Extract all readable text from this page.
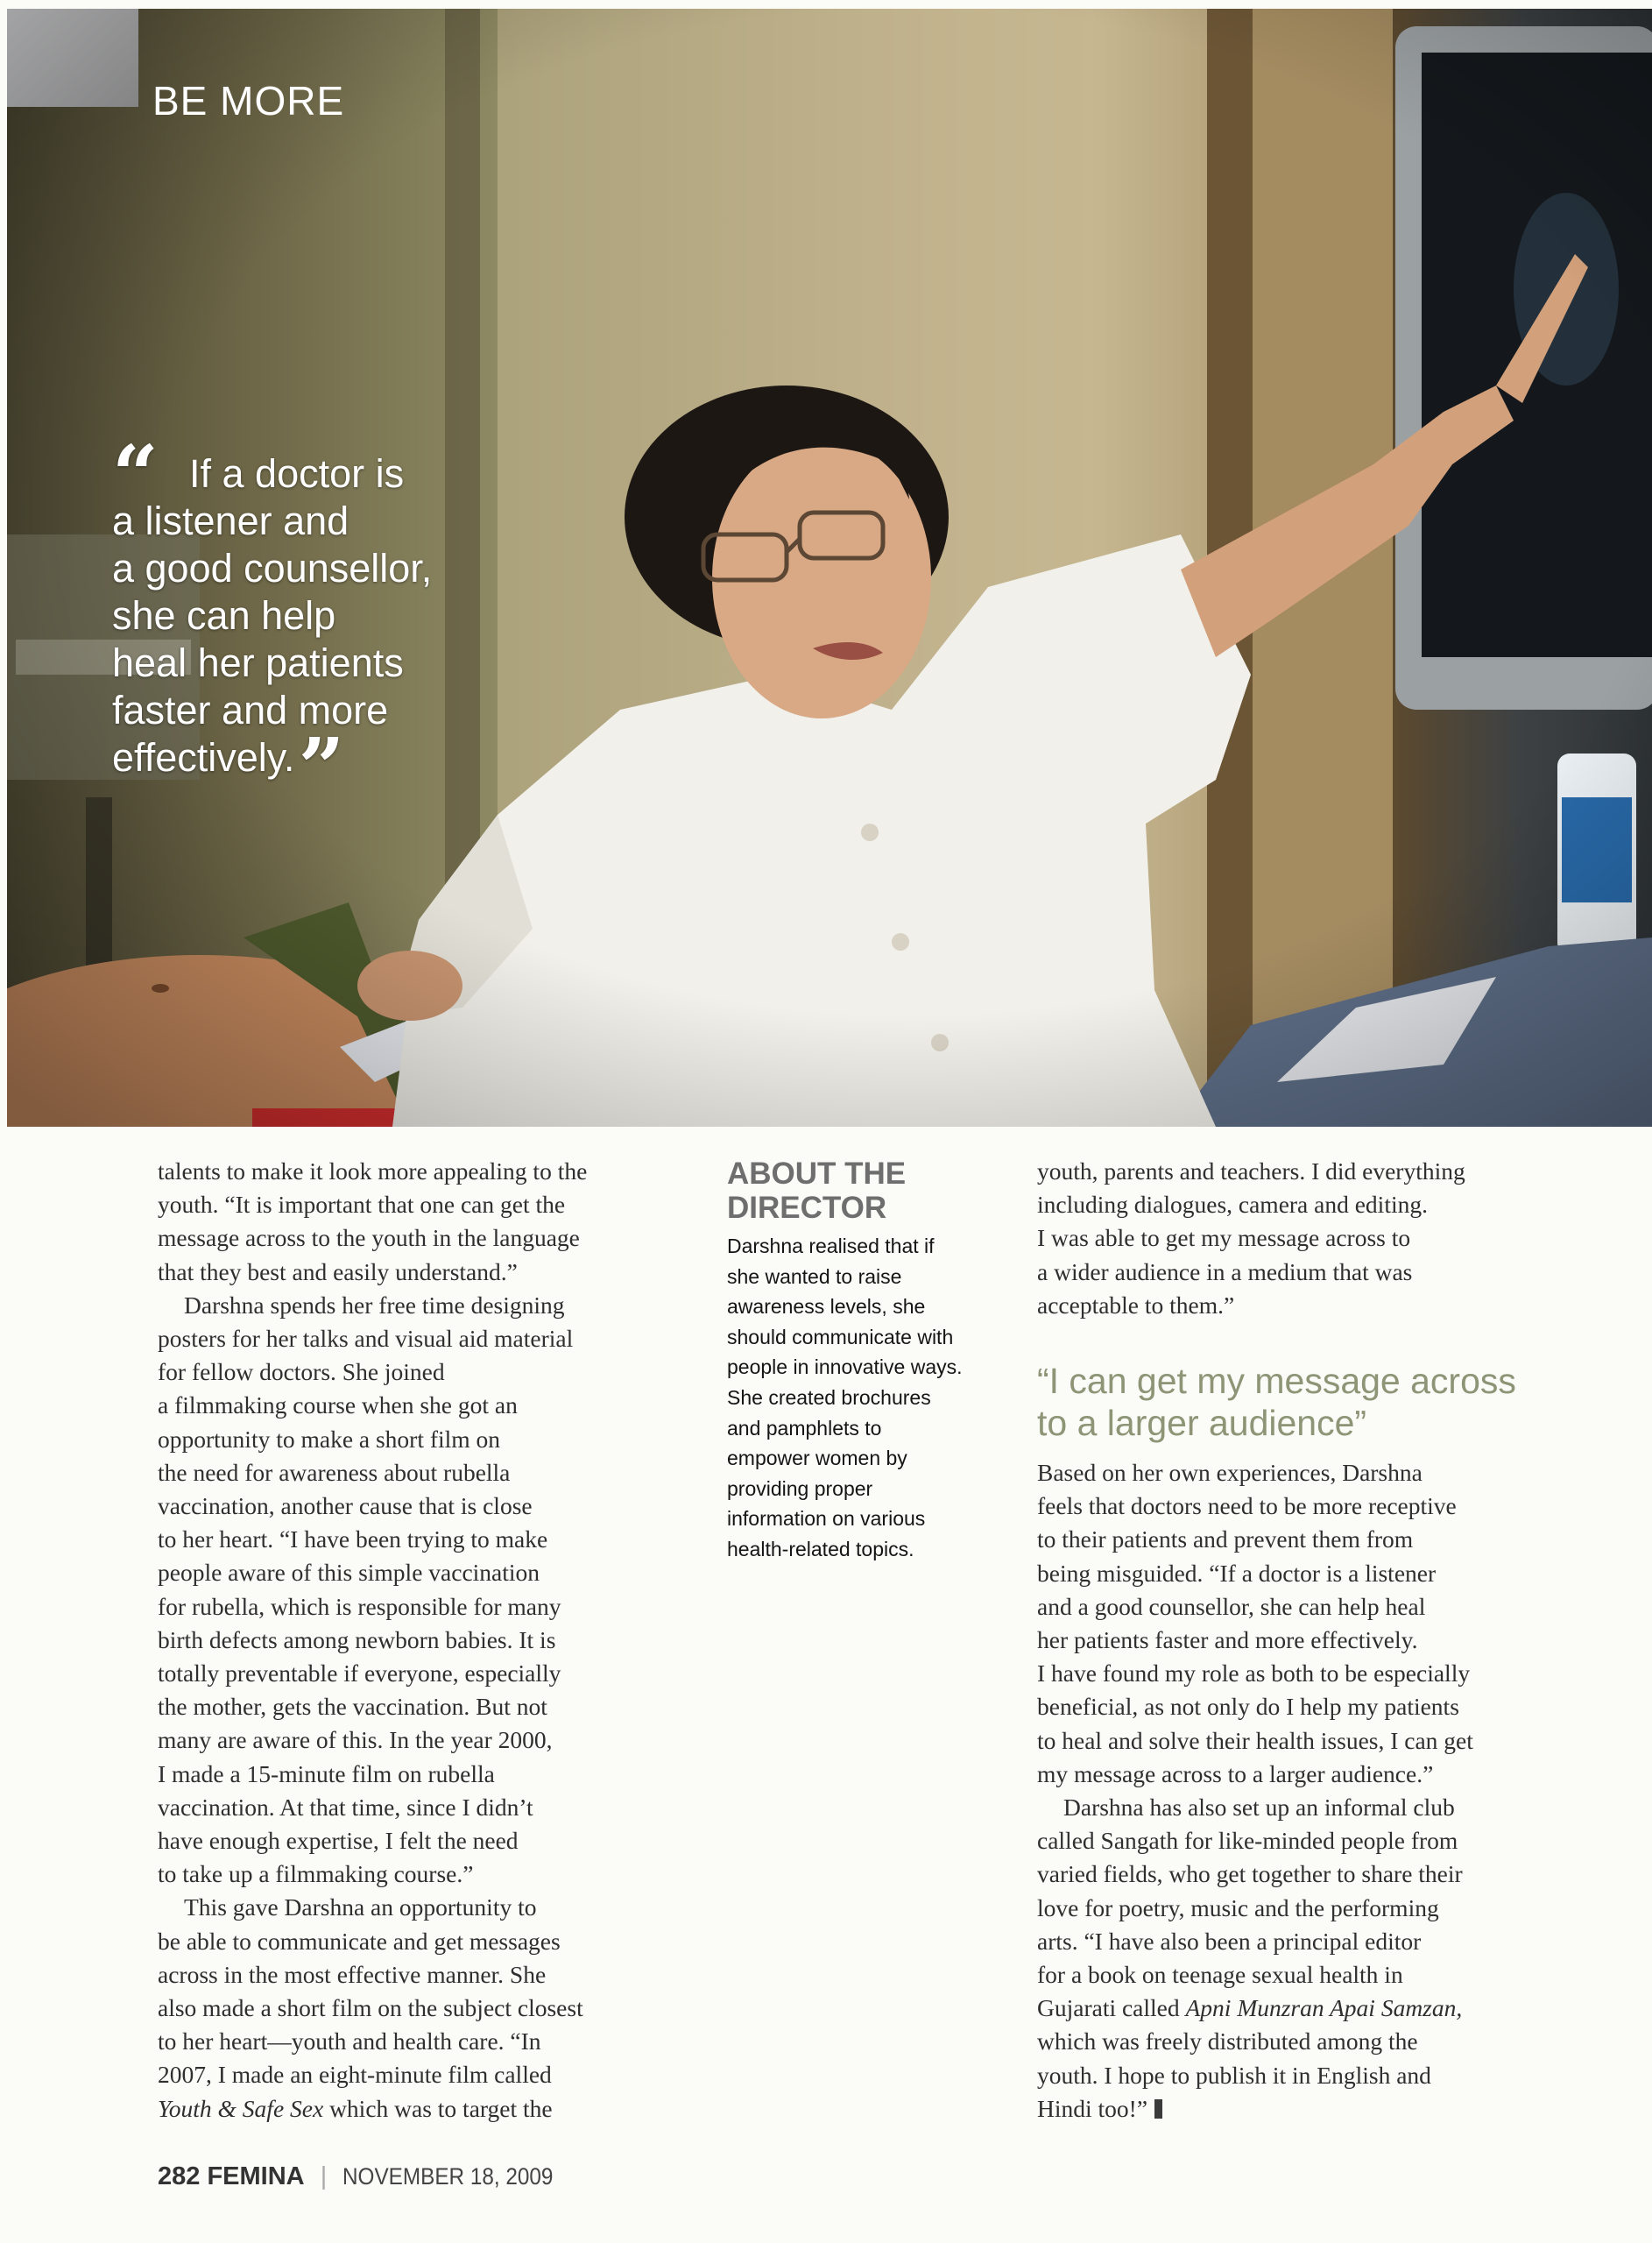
BE MORE
“ If a doctor is
a listener and
a good counsellor,
she can help
heal her patients
faster and more
effectively.”
talents to make it look more appealing to the
youth. “It is important that one can get the
message across to the youth in the language
that they best and easily understand.”
Darshna spends her free time designing
posters for her talks and visual aid material
for fellow doctors. She joined
a filmmaking course when she got an
opportunity to make a short film on
the need for awareness about rubella
vaccination, another cause that is close
to her heart. “I have been trying to make
people aware of this simple vaccination
for rubella, which is responsible for many
birth defects among newborn babies. It is
totally preventable if everyone, especially
the mother, gets the vaccination. But not
many are aware of this. In the year 2000,
I made a 15-minute film on rubella
vaccination. At that time, since I didn’t
have enough expertise, I felt the need
to take up a filmmaking course.”
This gave Darshna an opportunity to
be able to communicate and get messages
across in the most effective manner. She
also made a short film on the subject closest
to her heart—youth and health care. “In
2007, I made an eight-minute film called
Youth & Safe Sex which was to target the
ABOUT THE
DIRECTOR
Darshna realised that if
she wanted to raise
awareness levels, she
should communicate with
people in innovative ways.
She created brochures
and pamphlets to
empower women by
providing proper
information on various
health-related topics.
youth, parents and teachers. I did everything
including dialogues, camera and editing.
I was able to get my message across to
a wider audience in a medium that was
acceptable to them.”
“I can get my message across
to a larger audience”
Based on her own experiences, Darshna
feels that doctors need to be more receptive
to their patients and prevent them from
being misguided. “If a doctor is a listener
and a good counsellor, she can help heal
her patients faster and more effectively.
I have found my role as both to be especially
beneficial, as not only do I help my patients
to heal and solve their health issues, I can get
my message across to a larger audience.”
Darshna has also set up an informal club
called Sangath for like-minded people from
varied fields, who get together to share their
love for poetry, music and the performing
arts. “I have also been a principal editor
for a book on teenage sexual health in
Gujarati called Apni Munzran Apai Samzan,
which was freely distributed among the
youth. I hope to publish it in English and
Hindi too!”
282 FEMINA | NOVEMBER 18, 2009
